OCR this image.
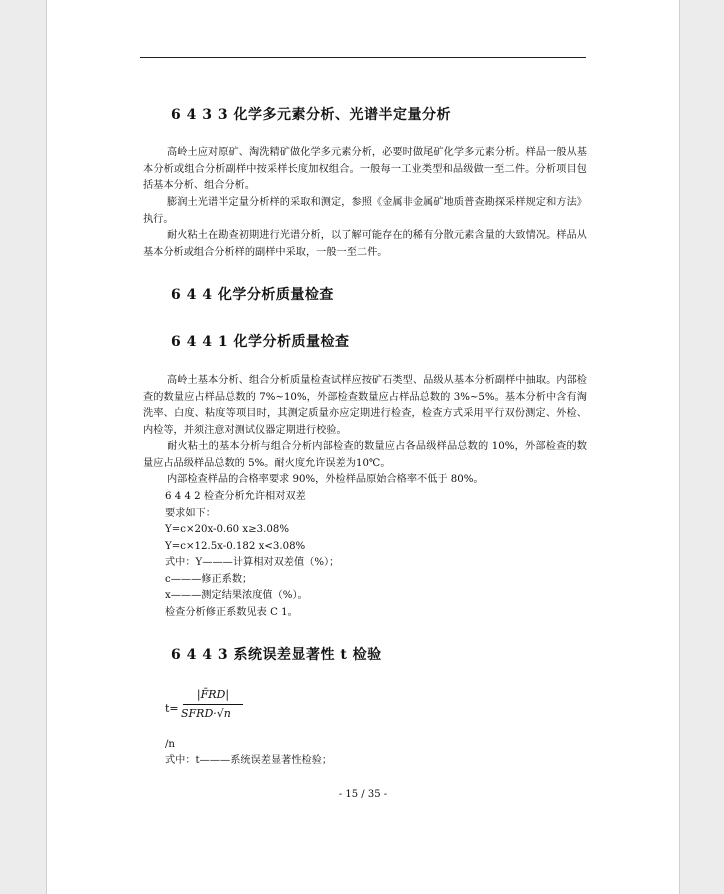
6 4 3 3 化学多元素分析、光谱半定量分析
高岭土应对原矿、淘洗精矿做化学多元素分析，必要时做尾矿化学多元素分析。样品一般从基本分析或组合分析副样中按采样长度加权组合。一般每一工业类型和品级做一至二件。分析项目包括基本分析、组合分析。
膨润土光谱半定量分析样的采取和测定，参照《金属非金属矿地质普查勘探采样规定和方法》执行。
耐火粘土在勘查初期进行光谱分析，以了解可能存在的稀有分散元素含量的大致情况。样品从基本分析或组合分析样的副样中采取，一般一至二件。
6 4 4 化学分析质量检查
6 4 4 1 化学分析质量检查
高岭土基本分析、组合分析质量检查试样应按矿石类型、品级从基本分析副样中抽取。内部检查的数量应占样品总数的 7%~10%，外部检查数量应占样品总数的 3%~5%。基本分析中含有淘洗率、白度、粘度等项目时，其测定质量亦应定期进行检查，检查方式采用平行双份测定、外检、内检等，并须注意对测试仪器定期进行校验。
耐火粘土的基本分析与组合分析内部检查的数量应占各品级样品总数的 10%，外部检查的数量应占品级样品总数的 5%。耐火度允许误差为10℃。
内部检查样品的合格率要求 90%，外检样品原始合格率不低于 80%。
6 4 4 2 检查分析允许相对双差
要求如下：
Y=c×20x-0.60 x≥3.08%
Y=c×12.5x-0.182 x<3.08%
式中：Y———计算相对双差值（%）；
c———修正系数；
x———测定结果浓度值（%）。
检查分析修正系数见表 C 1。
6 4 4 3 系统误差显著性 t 检验
t=
|F̄RD|
SFRD·√n
/n
式中：t———系统误差显著性检验；
- 15 / 35 -
